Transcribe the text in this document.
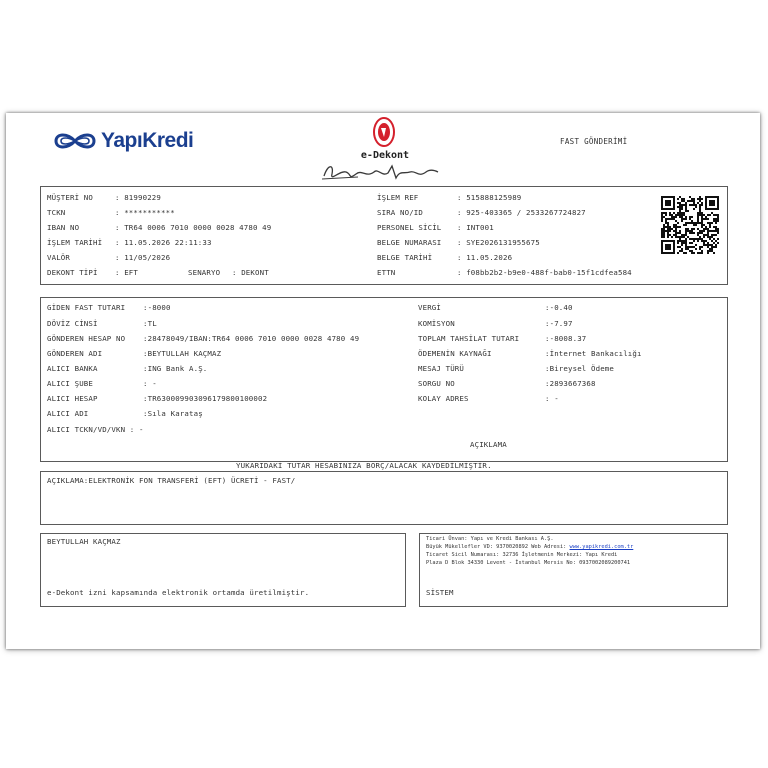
YapıKredi
e-Dekont
FAST GÖNDERİMİ
MÜŞTERİ NO	: 81990229
TCKN	: ***********
IBAN NO	: TR64 0006 7010 0000 0028 4780 49
İŞLEM TARİHİ : 11.05.2026 22:11:33
VALÖR	: 11/05/2026
DEKONT TİPİ : EFT	SENARYO : DEKONT
İŞLEM REF	: 515888125989
SIRA NO/ID	: 925-403365 / 2533267724827
PERSONEL SİCİL : INT001
BELGE NUMARASI : SYE2026131955675
BELGE TARİHİ	: 11.05.2026
ETTN	: f08bb2b2-b9e0-488f-bab0-15f1cdfea584
GİDEN FAST TUTARI :-8000
DÖVİZ CİNSİ	:TL
GÖNDEREN HESAP NO :28478049/IBAN:TR64 0006 7010 0000 0028 4780 49
GÖNDEREN ADI	:BEYTULLAH KAÇMAZ
ALICI BANKA	:ING Bank A.Ş.
ALICI ŞUBE	: -
ALICI HESAP	:TR630009903096179800100002
ALICI ADI	:Sıla Karataş
ALICI TCKN/VD/VKN : -
VERGİ	:-0.40
KOMİSYON	:-7.97
TOPLAM TAHSİLAT TUTARI	:-8008.37
ÖDEMENİN KAYNAĞI	:İnternet Bankacılığı
MESAJ TÜRÜ	:Bireysel Ödeme
SORGU NO	:2893667368
KOLAY ADRES	: -
AÇIKLAMA
YUKARIDAKİ TUTAR HESABINIZA BORÇ/ALACAK KAYDEDİLMİŞTİR.
AÇIKLAMA:ELEKTRONİK FON TRANSFERİ (EFT) ÜCRETİ - FAST/
BEYTULLAH KAÇMAZ
e-Dekont izni kapsamında elektronik ortamda üretilmiştir.
Ticari Ünvan: Yapı ve Kredi Bankası A.Ş.
Büyük Mükellefler VD: 9370020892 Web Adresi: www.yapikredi.com.tr
Ticaret Sicil Numarası: 32736 İşletmenin Merkezi: Yapı Kredi
Plaza D Blok 34330 Levent - İstanbul Mersis No: 0937002089200741
SİSTEM
